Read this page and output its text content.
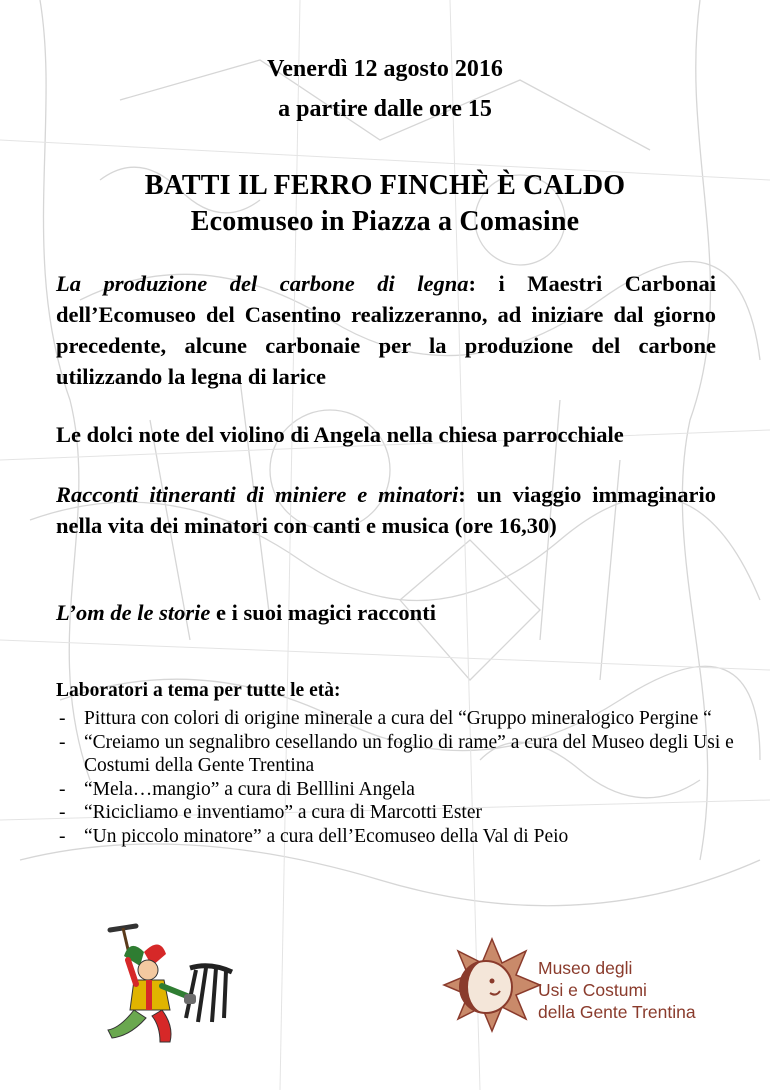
Venerdì 12 agosto 2016
a partire dalle ore 15
BATTI IL FERRO FINCHÈ È CALDO
Ecomuseo in Piazza a Comasine

La produzione del carbone di legna: i Maestri Carbonai dell’Ecomuseo del Casentino realizzeranno, ad iniziare dal giorno precedente, alcune carbonaie per la produzione del carbone utilizzando la legna di larice

Le dolci note del violino di Angela nella chiesa parrocchiale

Racconti itineranti di miniere e minatori: un viaggio immaginario nella vita dei minatori con canti e musica (ore 16,30)

L’om de le storie e i suoi magici racconti

Laboratori a tema per tutte le età:
- Pittura con colori di origine minerale a cura del “Gruppo mineralogico Pergine “
- “Creiamo un segnalibro cesellando un foglio di rame” a cura del Museo degli Usi e Costumi della Gente Trentina
- “Mela…mangio” a cura di Belllini Angela
- “Ricicliamo e inventiamo” a cura di Marcotti Ester
- “Un piccolo minatore” a cura dell’Ecomuseo della Val di Peio
Museo degli
Usi e Costumi
della Gente Trentina
